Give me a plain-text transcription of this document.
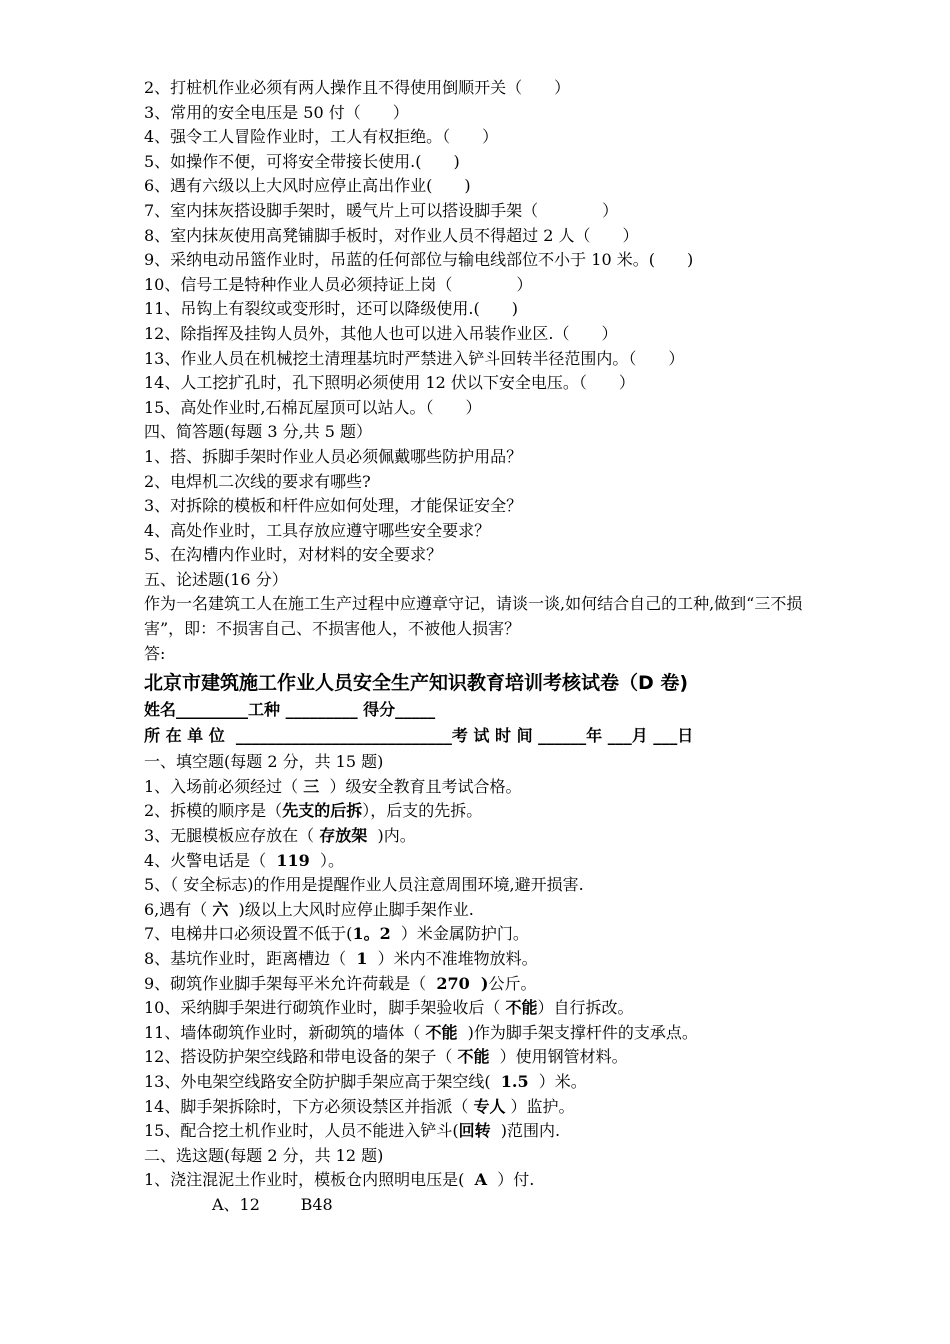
2、打桩机作业必须有两人操作且不得使用倒顺开关（　　）
3、常用的安全电压是 50 付（　　）
4、强令工人冒险作业时，工人有权拒绝。（　　）
5、如操作不便，可将安全带接长使用.(　　)
6、遇有六级以上大风时应停止高出作业(　　)
7、室内抹灰搭设脚手架时，暖气片上可以搭设脚手架（　　　　）
8、室内抹灰使用高凳铺脚手板时，对作业人员不得超过 2 人（　　）
9、采纳电动吊篮作业时，吊蓝的任何部位与输电线部位不小于 10 米。(　　)
10、信号工是特种作业人员必须持证上岗（　　　　）
11、吊钩上有裂纹或变形时，还可以降级使用.(　　)
12、除指挥及挂钩人员外，其他人也可以进入吊装作业区.（　　）
13、作业人员在机械挖土清理基坑时严禁进入铲斗回转半径范围内。（　　）
14、人工挖扩孔时，孔下照明必须使用 12 伏以下安全电压。（　　）
15、高处作业时,石棉瓦屋顶可以站人。（　　）
四、简答题(每题 3 分,共 5 题）
1、搭、拆脚手架时作业人员必须佩戴哪些防护用品？
2、电焊机二次线的要求有哪些?
3、对拆除的模板和杆件应如何处理，才能保证安全？
4、高处作业时，工具存放应遵守哪些安全要求？
5、在沟槽内作业时，对材料的安全要求？
五、论述题(16 分）
作为一名建筑工人在施工生产过程中应遵章守记，请谈一谈,如何结合自己的工种,做到“三不损害”，即：不损害自己、不损害他人，不被他人损害？
答:
北京市建筑施工作业人员安全生产知识教育培训考核试卷（D 卷)
姓名_________工种 _________ 得分_____
所 在 单 位  ___________________________考 试 时 间 ______年 ___月 ___日
一、填空题(每题 2 分，共 15 题)
1、入场前必须经过（ 三  ）级安全教育且考试合格。
2、拆模的顺序是（先支的后拆），后支的先拆。
3、无腿模板应存放在（ 存放架  )内。
4、火警电话是（  119  ）。
5、（ 安全标志)的作用是提醒作业人员注意周围环境,避开损害.
6,遇有（ 六  )级以上大风时应停止脚手架作业.
7、电梯井口必须设置不低于(1。2  ）米金属防护门。
8、基坑作业时，距离槽边（  1  ）米内不准堆物放料。
9、砌筑作业脚手架每平米允许荷载是（  270  )公斤。
10、采纳脚手架进行砌筑作业时，脚手架验收后（ 不能）自行拆改。
11、墙体砌筑作业时，新砌筑的墙体（ 不能  )作为脚手架支撑杆件的支承点。
12、搭设防护架空线路和带电设备的架子（ 不能  ）使用钢管材料。
13、外电架空线路安全防护脚手架应高于架空线(  1.5  ）米。
14、脚手架拆除时，下方必须设禁区并指派（ 专人 ）监护。
15、配合挖土机作业时，人员不能进入铲斗(回转  )范围内.
二、选这题(每题 2 分，共 12 题)
1、浇注混泥土作业时，模板仓内照明电压是(  A  ）付.
A、12        B48
